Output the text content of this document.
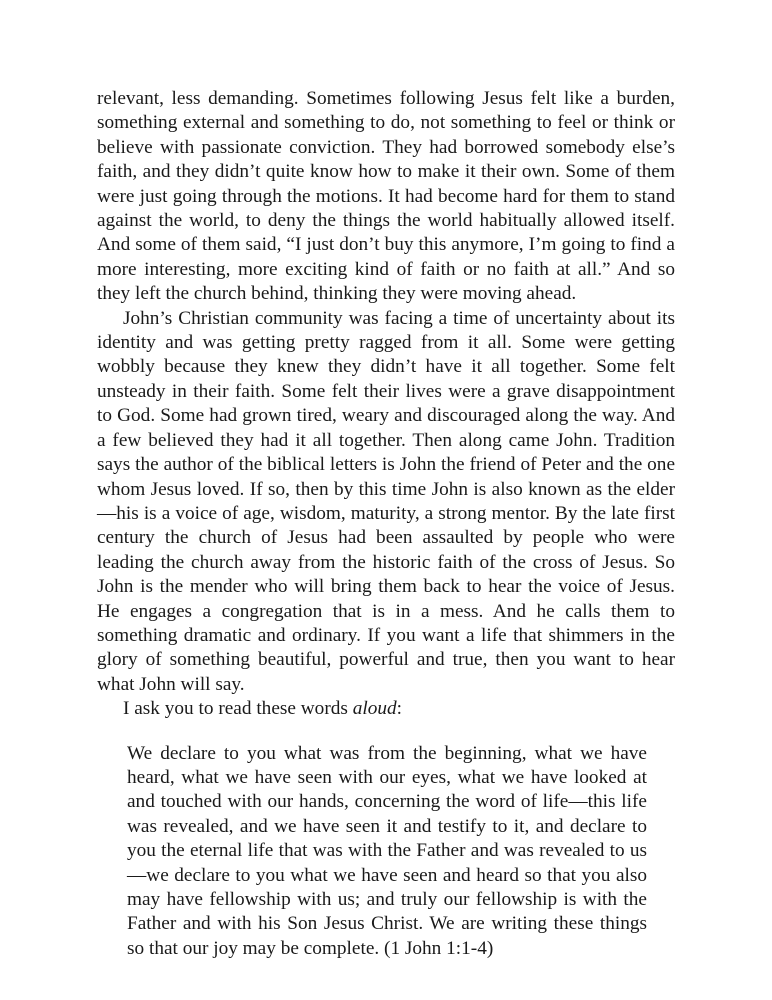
relevant, less demanding. Sometimes following Jesus felt like a burden, something external and something to do, not something to feel or think or believe with passionate conviction. They had borrowed somebody else’s faith, and they didn’t quite know how to make it their own. Some of them were just going through the motions. It had become hard for them to stand against the world, to deny the things the world habitually allowed itself. And some of them said, “I just don’t buy this anymore, I’m going to find a more interesting, more exciting kind of faith or no faith at all.” And so they left the church behind, thinking they were moving ahead.

John’s Christian community was facing a time of uncertainty about its identity and was getting pretty ragged from it all. Some were getting wobbly because they knew they didn’t have it all together. Some felt unsteady in their faith. Some felt their lives were a grave disappointment to God. Some had grown tired, weary and discouraged along the way. And a few believed they had it all together. Then along came John. Tradition says the author of the biblical letters is John the friend of Peter and the one whom Jesus loved. If so, then by this time John is also known as the elder—his is a voice of age, wisdom, maturity, a strong mentor. By the late first century the church of Jesus had been assaulted by people who were leading the church away from the historic faith of the cross of Jesus. So John is the mender who will bring them back to hear the voice of Jesus. He engages a congregation that is in a mess. And he calls them to something dramatic and ordinary. If you want a life that shimmers in the glory of something beautiful, powerful and true, then you want to hear what John will say.

I ask you to read these words aloud:

We declare to you what was from the beginning, what we have heard, what we have seen with our eyes, what we have looked at and touched with our hands, concerning the word of life—this life was revealed, and we have seen it and testify to it, and declare to you the eternal life that was with the Father and was revealed to us—we declare to you what we have seen and heard so that you also may have fellowship with us; and truly our fellowship is with the Father and with his Son Jesus Christ. We are writing these things so that our joy may be complete. (1 John 1:1-4)
